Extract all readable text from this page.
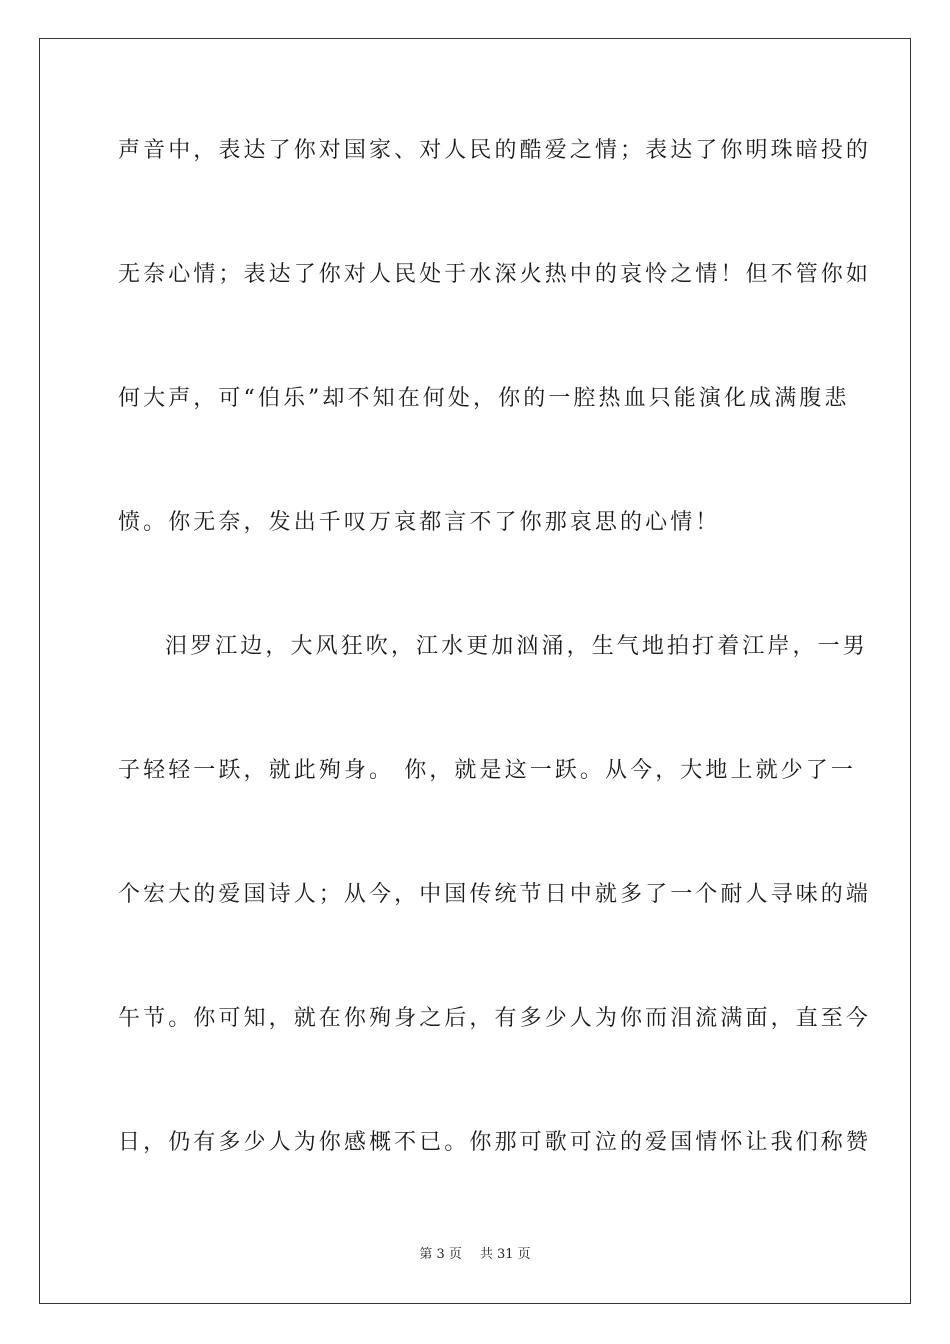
声音中，表达了你对国家、对人民的酷爱之情；表达了你明珠暗投的
无奈心情；表达了你对人民处于水深火热中的哀怜之情！但不管你如
何大声，可“伯乐”却不知在何处，你的一腔热血只能演化成满腹悲
愤。你无奈，发出千叹万哀都言不了你那哀思的心情！
汨罗江边，大风狂吹，江水更加汹涌，生气地拍打着江岸，一男
子轻轻一跃，就此殉身。 你，就是这一跃。从今，大地上就少了一
个宏大的爱国诗人；从今，中国传统节日中就多了一个耐人寻味的端
午节。你可知，就在你殉身之后，有多少人为你而泪流满面，直至今
日，仍有多少人为你感概不已。你那可歌可泣的爱国情怀让我们称赞
第 3 页 共 31 页
